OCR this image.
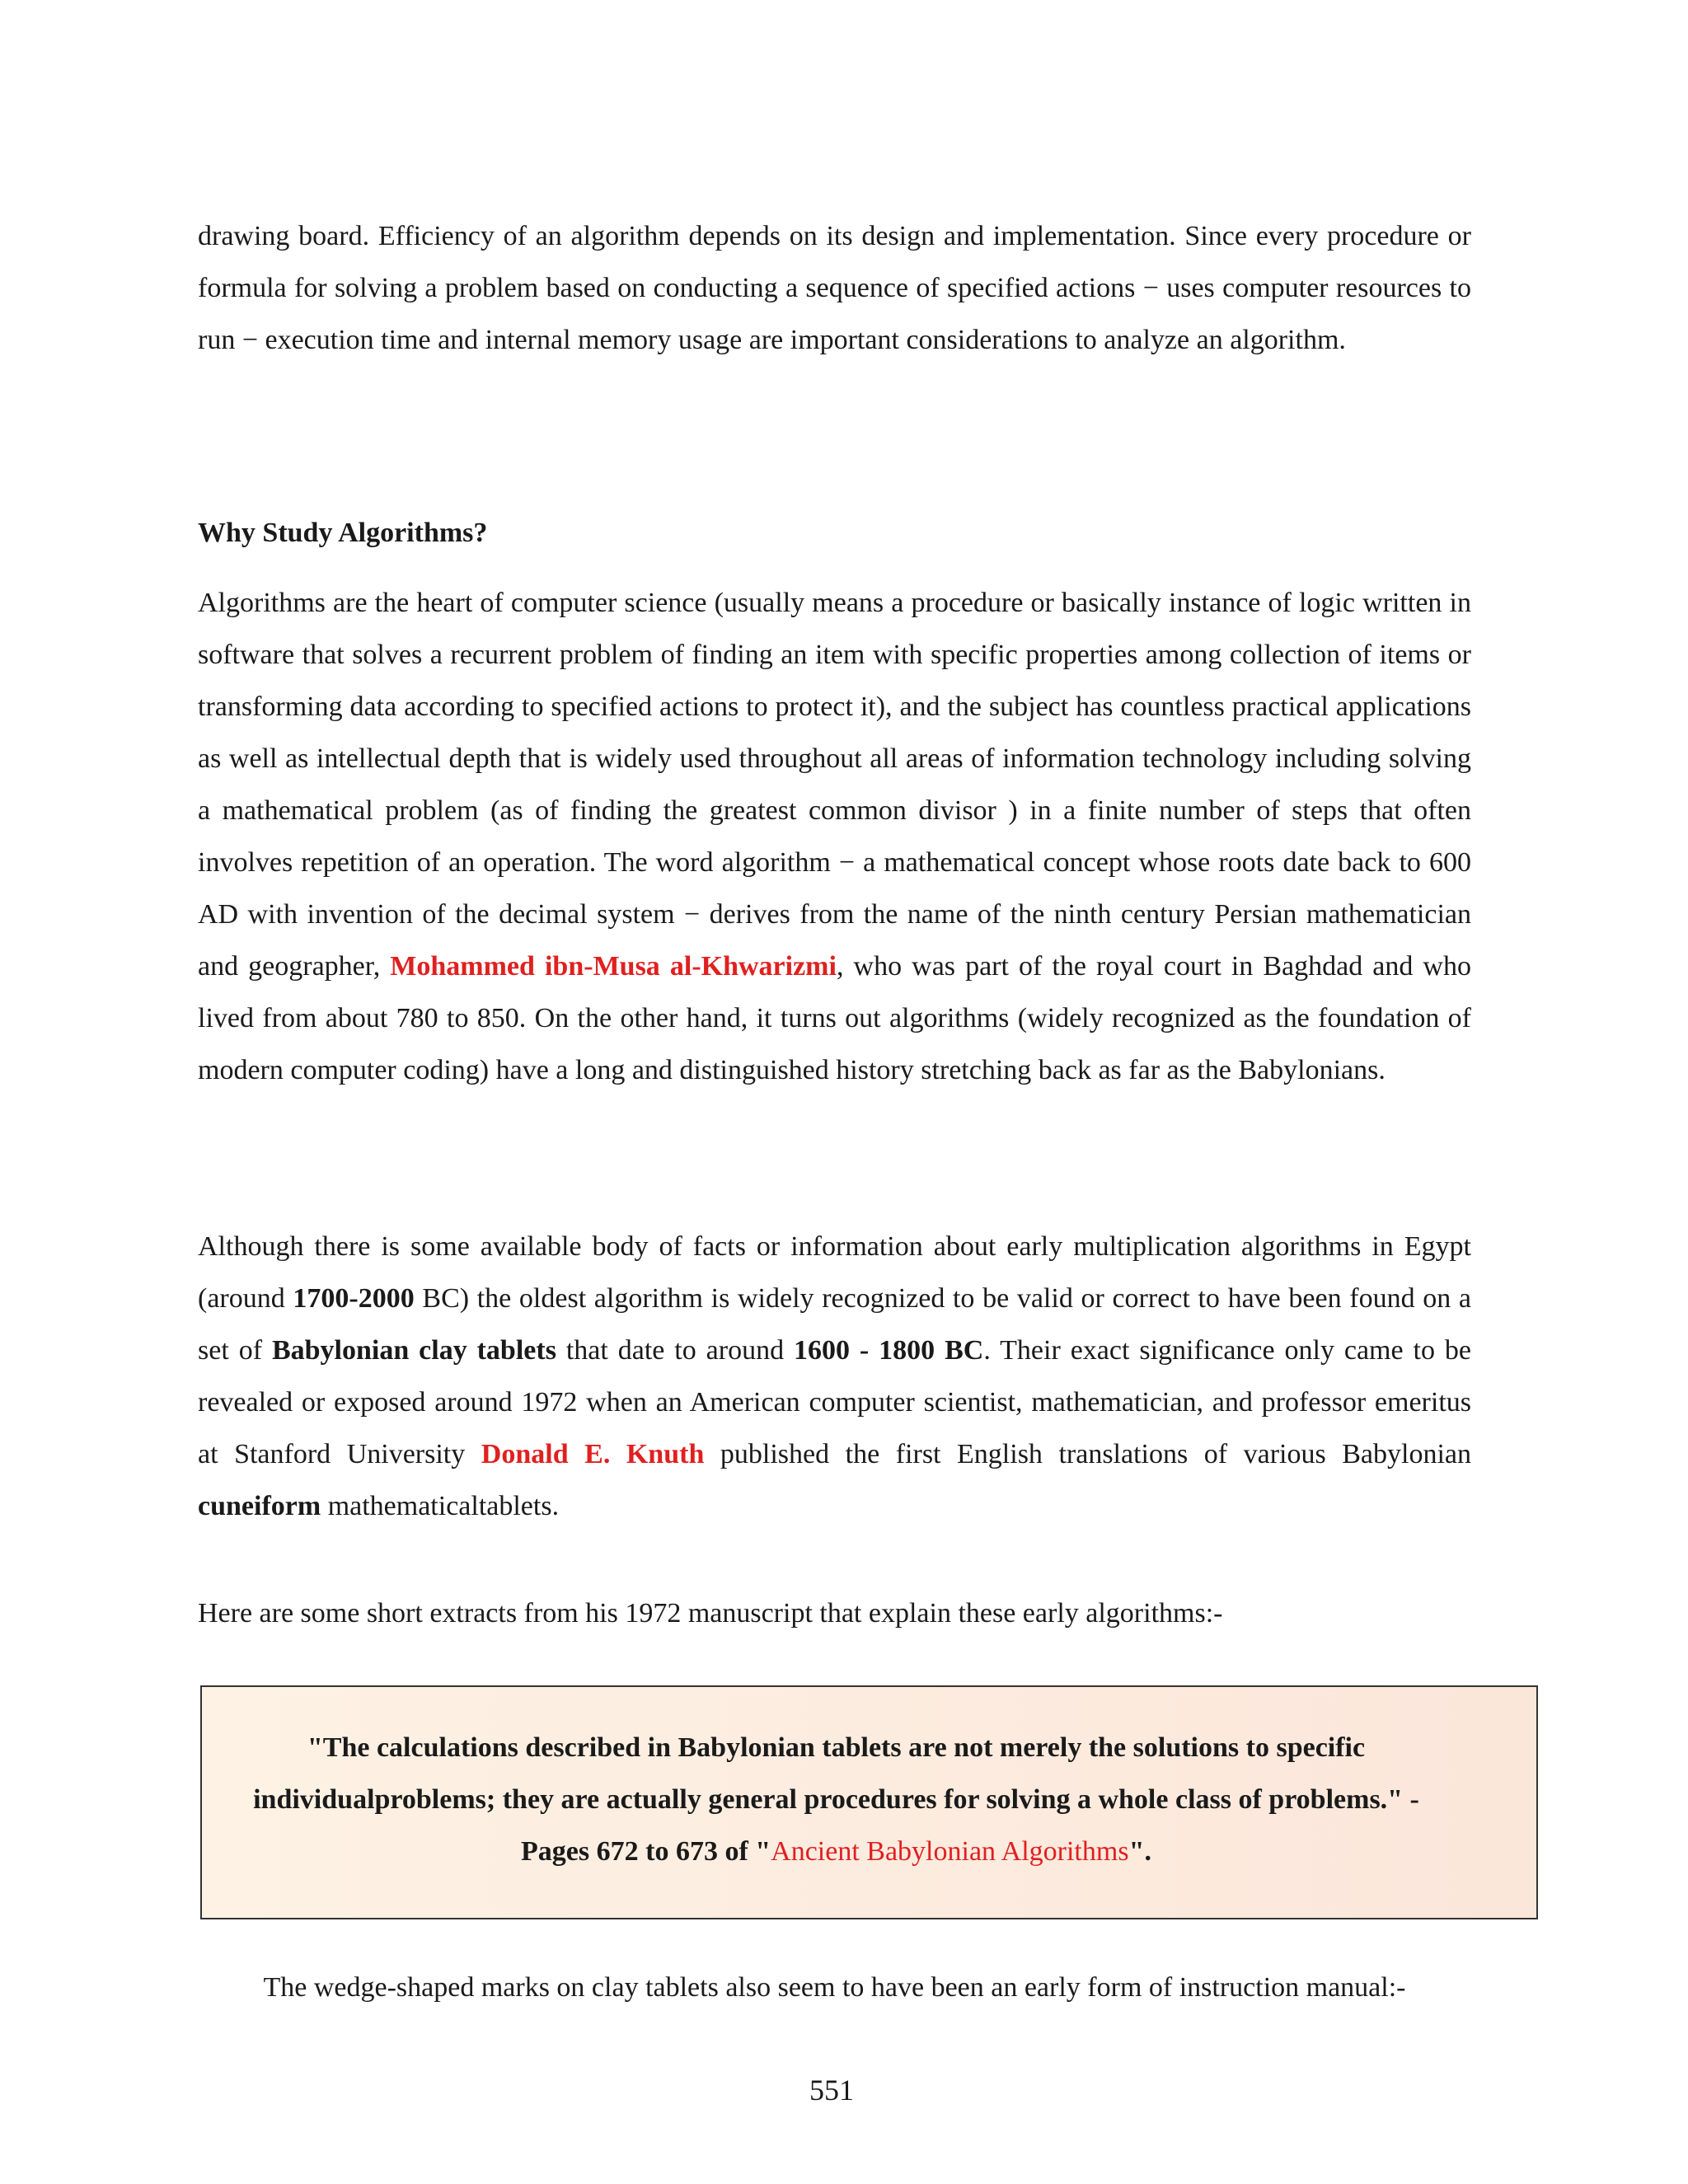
drawing board. Efficiency of an algorithm depends on its design and implementation. Since every procedure or formula for solving a problem based on conducting a sequence of specified actions − uses computer resources to run − execution time and internal memory usage are important considerations to analyze an algorithm.

Why Study Algorithms?

Algorithms are the heart of computer science (usually means a procedure or basically instance of logic written in software that solves a recurrent problem of finding an item with specific properties among collection of items or transforming data according to specified actions to protect it), and the subject has countless practical applications as well as intellectual depth that is widely used throughout all areas of information technology including solving a mathematical problem (as of finding the greatest common divisor ) in a finite number of steps that often involves repetition of an operation. The word algorithm − a mathematical concept whose roots date back to 600 AD with invention of the decimal system − derives from the name of the ninth century Persian mathematician and geographer, Mohammed ibn-Musa al-Khwarizmi, who was part of the royal court in Baghdad and who lived from about 780 to 850. On the other hand, it turns out algorithms (widely recognized as the foundation of modern computer coding) have a long and distinguished history stretching back as far as the Babylonians.

Although there is some available body of facts or information about early multiplication algorithms in Egypt (around 1700-2000 BC) the oldest algorithm is widely recognized to be valid or correct to have been found on a set of Babylonian clay tablets that date to around 1600 - 1800 BC. Their exact significance only came to be revealed or exposed around 1972 when an American computer scientist, mathematician, and professor emeritus at Stanford University Donald E. Knuth published the first English translations of various Babylonian cuneiform mathematicaltablets.

Here are some short extracts from his 1972 manuscript that explain these early algorithms:-

"The calculations described in Babylonian tablets are not merely the solutions to specific individualproblems; they are actually general procedures for solving a whole class of problems." - Pages 672 to 673 of "Ancient Babylonian Algorithms".

The wedge-shaped marks on clay tablets also seem to have been an early form of instruction manual:-

551
